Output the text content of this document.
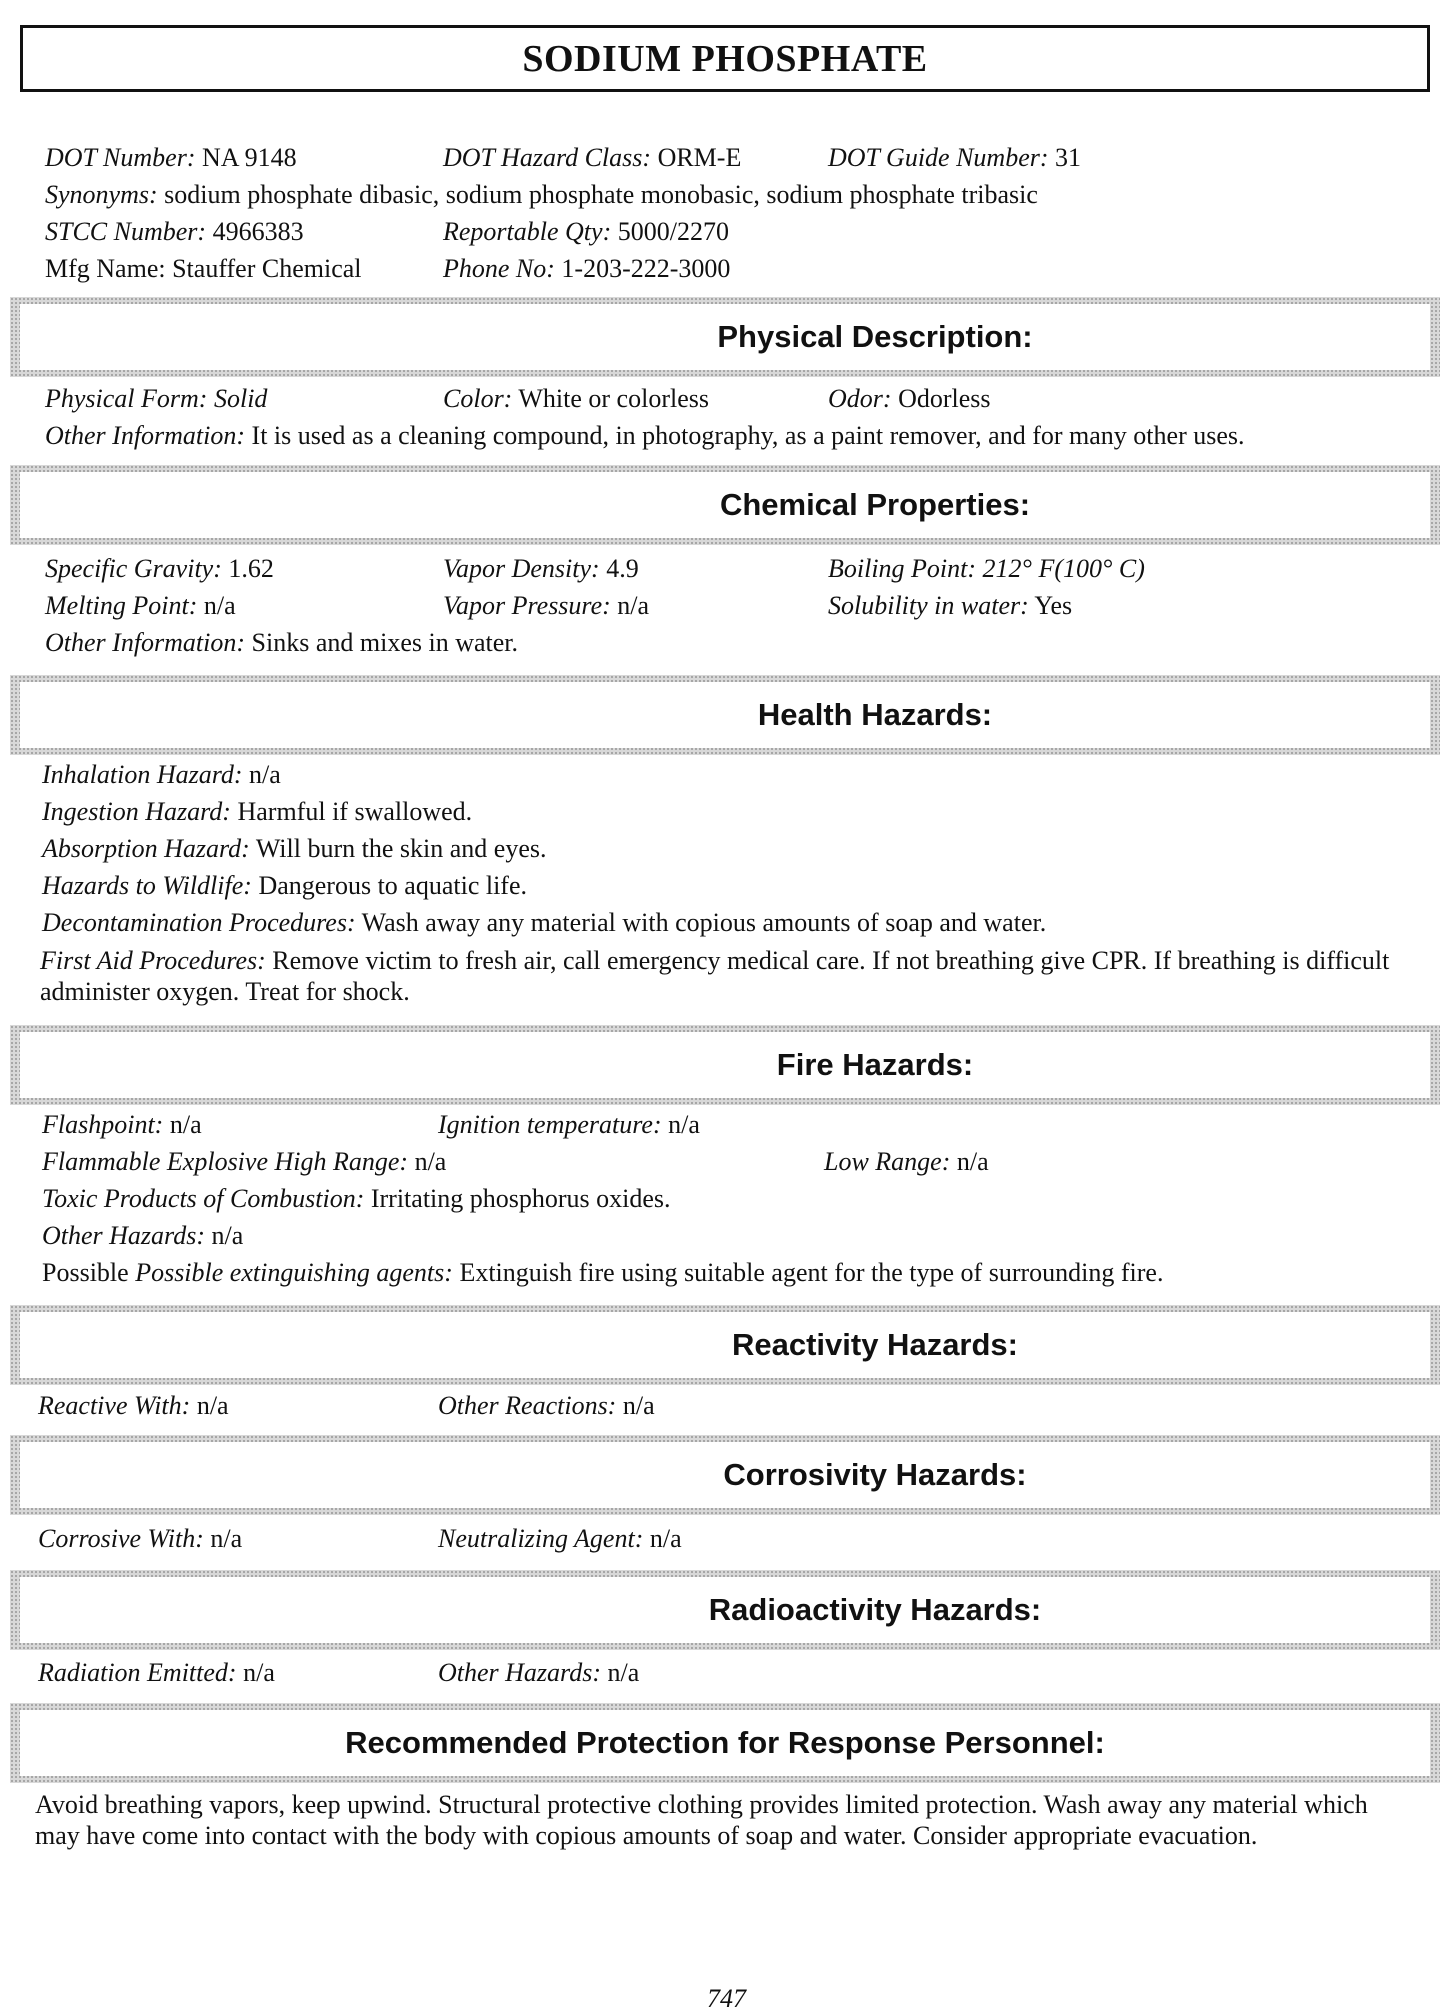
SODIUM PHOSPHATE
DOT Number: NA 9148	DOT Hazard Class: ORM-E	DOT Guide Number: 31
Synonyms: sodium phosphate dibasic, sodium phosphate monobasic, sodium phosphate tribasic
STCC Number: 4966383	Reportable Qty: 5000/2270
Mfg Name: Stauffer Chemical	Phone No: 1-203-222-3000
Physical Description:
Physical Form: Solid	Color: White or colorless	Odor: Odorless
Other Information: It is used as a cleaning compound, in photography, as a paint remover, and for many other uses.
Chemical Properties:
Specific Gravity: 1.62	Vapor Density: 4.9	Boiling Point: 212° F(100° C)
Melting Point: n/a	Vapor Pressure: n/a	Solubility in water: Yes
Other Information: Sinks and mixes in water.
Health Hazards:
Inhalation Hazard: n/a
Ingestion Hazard: Harmful if swallowed.
Absorption Hazard: Will burn the skin and eyes.
Hazards to Wildlife: Dangerous to aquatic life.
Decontamination Procedures: Wash away any material with copious amounts of soap and water.
First Aid Procedures: Remove victim to fresh air, call emergency medical care. If not breathing give CPR. If breathing is difficult administer oxygen. Treat for shock.
Fire Hazards:
Flashpoint: n/a	Ignition temperature: n/a
Flammable Explosive High Range: n/a	Low Range: n/a
Toxic Products of Combustion: Irritating phosphorus oxides.
Other Hazards: n/a
Possible Possible extinguishing agents: Extinguish fire using suitable agent for the type of surrounding fire.
Reactivity Hazards:
Reactive With: n/a	Other Reactions: n/a
Corrosivity Hazards:
Corrosive With: n/a	Neutralizing Agent: n/a
Radioactivity Hazards:
Radiation Emitted: n/a	Other Hazards: n/a
Recommended Protection for Response Personnel:
Avoid breathing vapors, keep upwind. Structural protective clothing provides limited protection. Wash away any material which may have come into contact with the body with copious amounts of soap and water. Consider appropriate evacuation.
747
